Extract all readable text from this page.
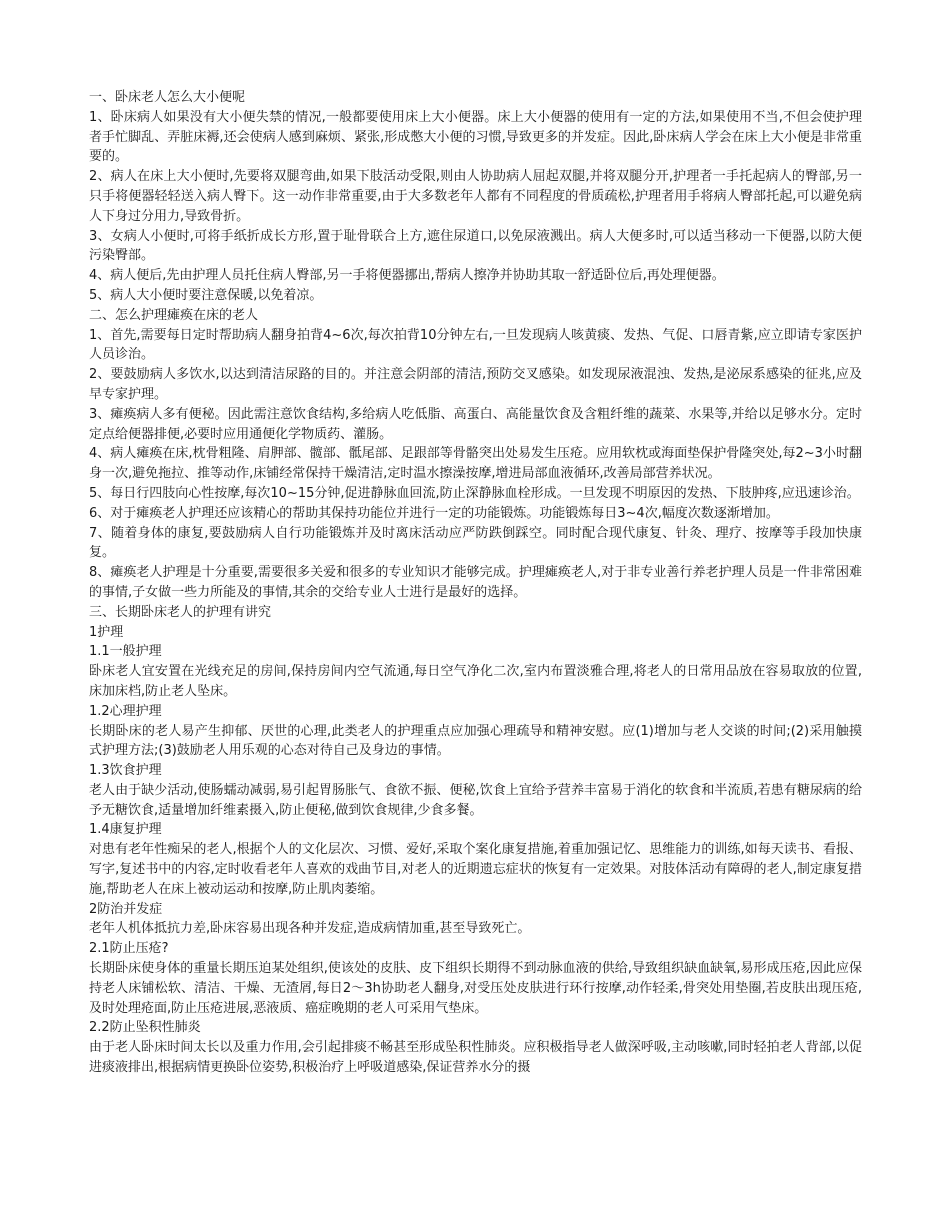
一、卧床老人怎么大小便呢

1、卧床病人如果没有大小便失禁的情况,一般都要使用床上大小便器。床上大小便器的使用有一定的方法,如果使用不当,不但会使护理者手忙脚乱、弄脏床褥,还会使病人感到麻烦、紧张,形成憋大小便的习惯,导致更多的并发症。因此,卧床病人学会在床上大小便是非常重要的。

2、病人在床上大小便时,先要将双腿弯曲,如果下肢活动受限,则由人协助病人屈起双腿,并将双腿分开,护理者一手托起病人的臀部,另一只手将便器轻轻送入病人臀下。这一动作非常重要,由于大多数老年人都有不同程度的骨质疏松,护理者用手将病人臀部托起,可以避免病人下身过分用力,导致骨折。

3、女病人小便时,可将手纸折成长方形,置于耻骨联合上方,遮住尿道口,以免尿液溅出。病人大便多时,可以适当移动一下便器,以防大便污染臀部。

4、病人便后,先由护理人员托住病人臀部,另一手将便器挪出,帮病人擦净并协助其取一舒适卧位后,再处理便器。

5、病人大小便时要注意保暖,以免着凉。

二、怎么护理瘫痪在床的老人

1、首先,需要每日定时帮助病人翻身拍背4~6次,每次拍背10分钟左右,一旦发现病人咳黄痰、发热、气促、口唇青紫,应立即请专家医护人员诊治。

2、要鼓励病人多饮水,以达到清洁尿路的目的。并注意会阴部的清洁,预防交叉感染。如发现尿液混浊、发热,是泌尿系感染的征兆,应及早专家护理。

3、瘫痪病人多有便秘。因此需注意饮食结构,多给病人吃低脂、高蛋白、高能量饮食及含粗纤维的蔬菜、水果等,并给以足够水分。定时定点给便器排便,必要时应用通便化学物质药、灌肠。

4、病人瘫痪在床,枕骨粗隆、肩胛部、髋部、骶尾部、足跟部等骨骼突出处易发生压疮。应用软枕或海面垫保护骨隆突处,每2~3小时翻身一次,避免拖拉、推等动作,床铺经常保持干燥清洁,定时温水擦澡按摩,增进局部血液循环,改善局部营养状况。

5、每日行四肢向心性按摩,每次10~15分钟,促进静脉血回流,防止深静脉血栓形成。一旦发现不明原因的发热、下肢肿疼,应迅速诊治。

6、对于瘫痪老人护理还应该精心的帮助其保持功能位并进行一定的功能锻炼。功能锻炼每日3~4次,幅度次数逐渐增加。

7、随着身体的康复,要鼓励病人自行功能锻炼并及时离床活动应严防跌倒踩空。同时配合现代康复、针灸、理疗、按摩等手段加快康复。

8、瘫痪老人护理是十分重要,需要很多关爱和很多的专业知识才能够完成。护理瘫痪老人,对于非专业善行养老护理人员是一件非常困难的事情,子女做一些力所能及的事情,其余的交给专业人士进行是最好的选择。

三、长期卧床老人的护理有讲究

1护理

1.1一般护理

卧床老人宜安置在光线充足的房间,保持房间内空气流通,每日空气净化二次,室内布置淡雅合理,将老人的日常用品放在容易取放的位置,床加床档,防止老人坠床。

1.2心理护理

长期卧床的老人易产生抑郁、厌世的心理,此类老人的护理重点应加强心理疏导和精神安慰。应(1)增加与老人交谈的时间;(2)采用触摸式护理方法;(3)鼓励老人用乐观的心态对待自己及身边的事情。

1.3饮食护理

老人由于缺少活动,使肠蠕动减弱,易引起胃肠胀气、食欲不振、便秘,饮食上宜给予营养丰富易于消化的软食和半流质,若患有糖尿病的给予无糖饮食,适量增加纤维素摄入,防止便秘,做到饮食规律,少食多餐。

1.4康复护理

对患有老年性痴呆的老人,根据个人的文化层次、习惯、爱好,采取个案化康复措施,着重加强记忆、思维能力的训练,如每天读书、看报、写字,复述书中的内容,定时收看老年人喜欢的戏曲节目,对老人的近期遗忘症状的恢复有一定效果。对肢体活动有障碍的老人,制定康复措施,帮助老人在床上被动运动和按摩,防止肌肉萎缩。

2防治并发症

老年人机体抵抗力差,卧床容易出现各种并发症,造成病情加重,甚至导致死亡。

2.1防止压疮?

长期卧床使身体的重量长期压迫某处组织,使该处的皮肤、皮下组织长期得不到动脉血液的供给,导致组织缺血缺氧,易形成压疮,因此应保持老人床铺松软、清洁、干燥、无渣屑,每日2～3h协助老人翻身,对受压处皮肤进行环行按摩,动作轻柔,骨突处用垫圈,若皮肤出现压疮,及时处理疮面,防止压疮进展,恶液质、癌症晚期的老人可采用气垫床。

2.2防止坠积性肺炎

由于老人卧床时间太长以及重力作用,会引起排痰不畅甚至形成坠积性肺炎。应积极指导老人做深呼吸,主动咳嗽,同时轻拍老人背部,以促进痰液排出,根据病情更换卧位姿势,积极治疗上呼吸道感染,保证营养水分的摄
